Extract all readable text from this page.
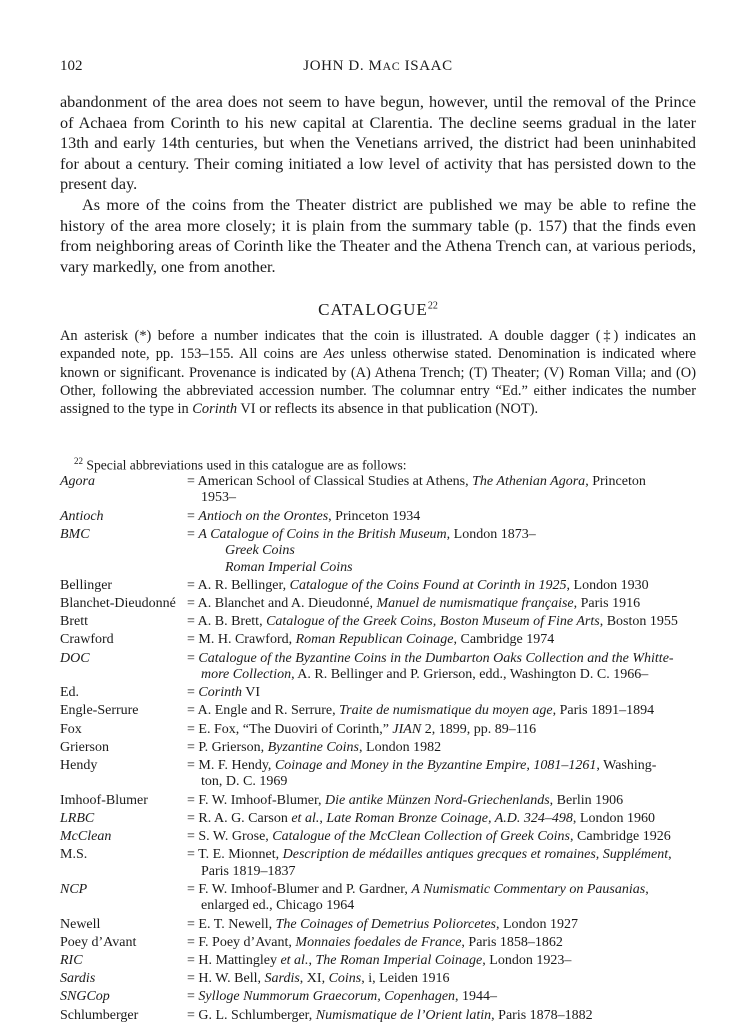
102	JOHN D. MAC ISAAC

abandonment of the area does not seem to have begun, however, until the removal of the Prince of Achaea from Corinth to his new capital at Clarentia. The decline seems gradual in the later 13th and early 14th centuries, but when the Venetians arrived, the district had been uninhabited for about a century. Their coming initiated a low level of activity that has persisted down to the present day.

As more of the coins from the Theater district are published we may be able to refine the history of the area more closely; it is plain from the summary table (p. 157) that the finds even from neighboring areas of Corinth like the Theater and the Athena Trench can, at various periods, vary markedly, one from another.

CATALOGUE$^{22}$

An asterisk (*) before a number indicates that the coin is illustrated. A double dagger (‡) indicates an expanded note, pp. 153–155. All coins are Aes unless otherwise stated. Denomination is indicated where known or significant. Provenance is indicated by (A) Athena Trench; (T) Theater; (V) Roman Villa; and (O) Other, following the abbreviated accession number. The columnar entry “Ed.” either indicates the number assigned to the type in Corinth VI or reflects its absence in that publication (NOT).

$^{22}$ Special abbreviations used in this catalogue are as follows:
Agora	= American School of Classical Studies at Athens, The Athenian Agora, Princeton
1953–
Antioch	= Antioch on the Orontes, Princeton 1934
BMC	= A Catalogue of Coins in the British Museum, London 1873–
Greek Coins
Roman Imperial Coins
Bellinger	= A. R. Bellinger, Catalogue of the Coins Found at Corinth in 1925, London 1930
Blanchet-Dieudonné = A. Blanchet and A. Dieudonné, Manuel de numismatique française, Paris 1916
Brett	= A. B. Brett, Catalogue of the Greek Coins, Boston Museum of Fine Arts, Boston 1955
Crawford	= M. H. Crawford, Roman Republican Coinage, Cambridge 1974
DOC	= Catalogue of the Byzantine Coins in the Dumbarton Oaks Collection and the Whitte-
more Collection, A. R. Bellinger and P. Grierson, edd., Washington D. C. 1966–
Ed.	= Corinth VI
Engle-Serrure	= A. Engle and R. Serrure, Traite de numismatique du moyen age, Paris 1891–1894
Fox	= E. Fox, “The Duoviri of Corinth,” JIAN 2, 1899, pp. 89–116
Grierson	= P. Grierson, Byzantine Coins, London 1982
Hendy	= M. F. Hendy, Coinage and Money in the Byzantine Empire, 1081–1261, Washing-
ton, D. C. 1969
Imhoof-Blumer	= F. W. Imhoof-Blumer, Die antike Münzen Nord-Griechenlands, Berlin 1906
LRBC	= R. A. G. Carson et al., Late Roman Bronze Coinage, A.D. 324–498, London 1960
McClean	= S. W. Grose, Catalogue of the McClean Collection of Greek Coins, Cambridge 1926
M.S.	= T. E. Mionnet, Description de médailles antiques grecques et romaines, Supplément,
Paris 1819–1837
NCP	= F. W. Imhoof-Blumer and P. Gardner, A Numismatic Commentary on Pausanias,
enlarged ed., Chicago 1964
Newell	= E. T. Newell, The Coinages of Demetrius Poliorcetes, London 1927
Poey d’Avant	= F. Poey d’Avant, Monnaies foedales de France, Paris 1858–1862
RIC	= H. Mattingley et al., The Roman Imperial Coinage, London 1923–
Sardis	= H. W. Bell, Sardis, XI, Coins, i, Leiden 1916
SNGCop	= Sylloge Nummorum Graecorum, Copenhagen, 1944–
Schlumberger	= G. L. Schlumberger, Numismatique de l’Orient latin, Paris 1878–1882
